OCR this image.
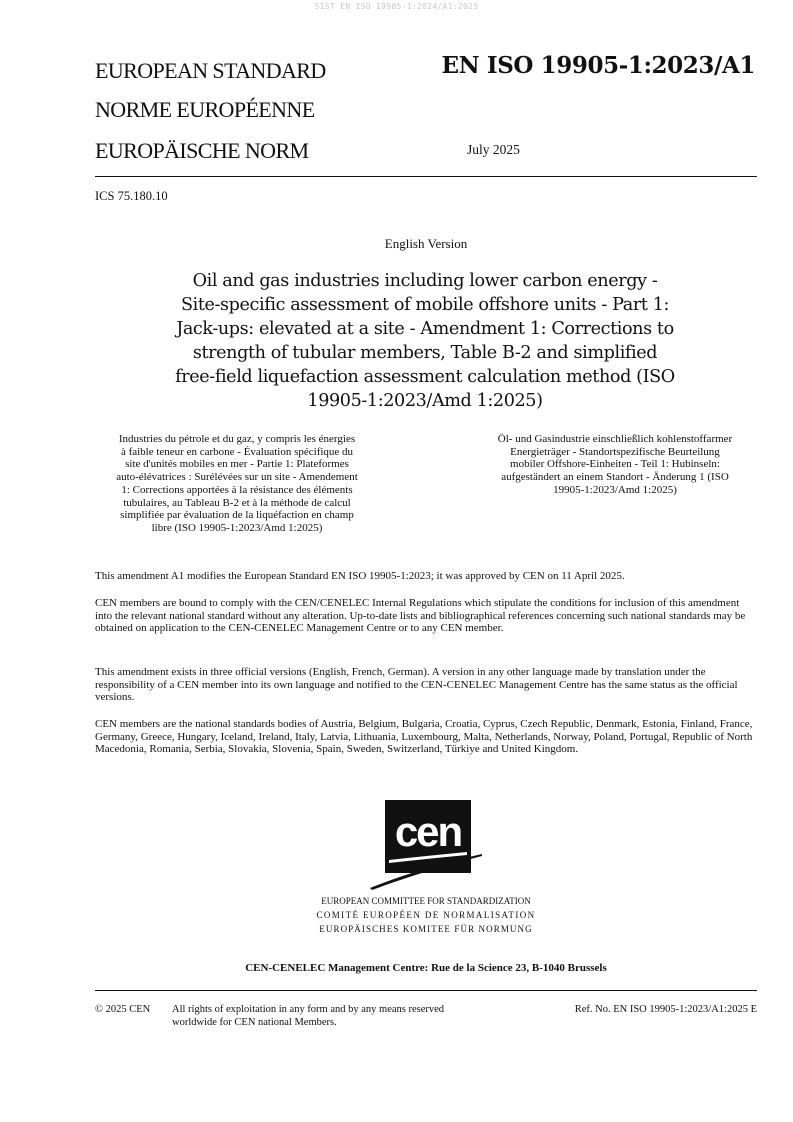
SIST EN ISO 19905-1:2024/A1:2025
EUROPEAN STANDARD
NORME EUROPÉENNE
EUROPÄISCHE NORM
EN ISO 19905-1:2023/A1
July 2025
ICS 75.180.10
English Version
Oil and gas industries including lower carbon energy -
Site-specific assessment of mobile offshore units - Part 1:
Jack-ups: elevated at a site - Amendment 1: Corrections to
strength of tubular members, Table B-2 and simplified
free-field liquefaction assessment calculation method (ISO
19905-1:2023/Amd 1:2025)
Industries du pétrole et du gaz, y compris les énergies
à faible teneur en carbone - Évaluation spécifique du
site d'unités mobiles en mer - Partie 1: Plateformes
auto-élévatrices : Surélévées sur un site - Amendement
1: Corrections apportées à la résistance des éléments
tubulaires, au Tableau B-2 et à la méthode de calcul
simplifiée par évaluation de la liquéfaction en champ
libre (ISO 19905-1:2023/Amd 1:2025)
Öl- und Gasindustrie einschließlich kohlenstoffarmer
Energieträger - Standortspezifische Beurteilung
mobiler Offshore-Einheiten - Teil 1: Hubinseln:
aufgeständert an einem Standort - Änderung 1 (ISO
19905-1:2023/Amd 1:2025)
This amendment A1 modifies the European Standard EN ISO 19905-1:2023; it was approved by CEN on 11 April 2025.
CEN members are bound to comply with the CEN/CENELEC Internal Regulations which stipulate the conditions for inclusion of this amendment into the relevant national standard without any alteration. Up-to-date lists and bibliographical references concerning such national standards may be obtained on application to the CEN-CENELEC Management Centre or to any CEN member.
This amendment exists in three official versions (English, French, German). A version in any other language made by translation under the responsibility of a CEN member into its own language and notified to the CEN-CENELEC Management Centre has the same status as the official versions.
CEN members are the national standards bodies of Austria, Belgium, Bulgaria, Croatia, Cyprus, Czech Republic, Denmark, Estonia, Finland, France, Germany, Greece, Hungary, Iceland, Ireland, Italy, Latvia, Lithuania, Luxembourg, Malta, Netherlands, Norway, Poland, Portugal, Republic of North Macedonia, Romania, Serbia, Slovakia, Slovenia, Spain, Sweden, Switzerland, Türkiye and United Kingdom.
cen
EUROPEAN COMMITTEE FOR STANDARDIZATION
COMITÉ EUROPÉEN DE NORMALISATION
EUROPÄISCHES KOMITEE FÜR NORMUNG
CEN-CENELEC Management Centre: Rue de la Science 23, B-1040 Brussels
© 2025 CEN All rights of exploitation in any form and by any means reserved
worldwide for CEN national Members.
Ref. No. EN ISO 19905-1:2023/A1:2025 E
